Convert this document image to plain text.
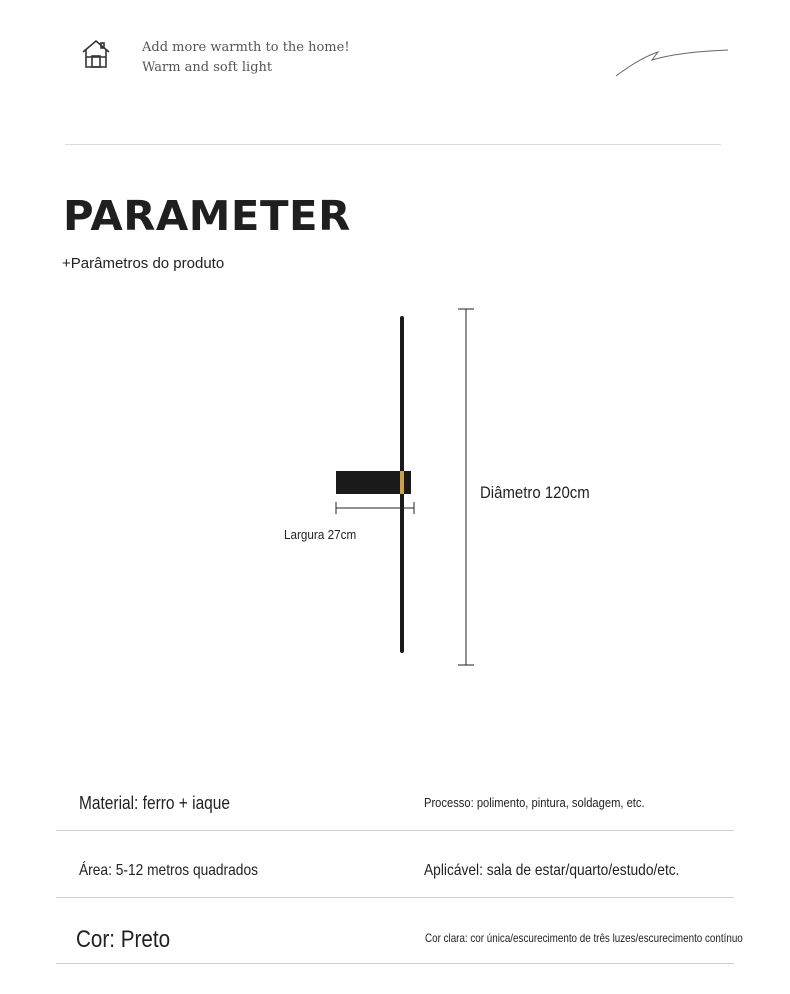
Add more warmth to the home!
Warm and soft light
PARAMETER
+Parâmetros do produto
Diâmetro 120cm
Largura 27cm
Material: ferro + iaque	Processo: polimento, pintura, soldagem, etc.
Área: 5-12 metros quadrados	Aplicável: sala de estar/quarto/estudo/etc.
Cor: Preto	Cor clara: cor única/escurecimento de três luzes/escurecimento contínuo
